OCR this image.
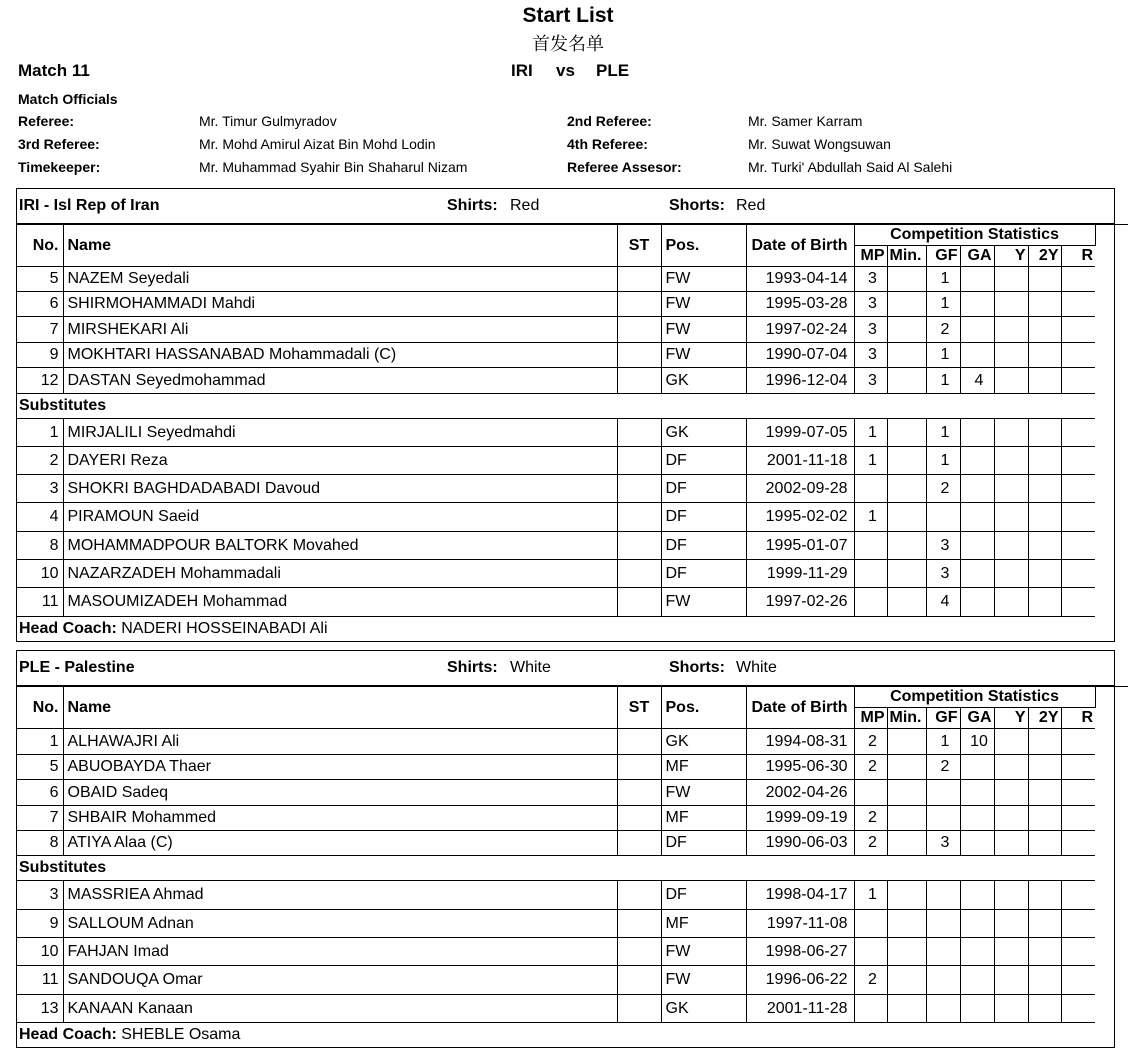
Start List
首发名单
Match 11	IRI vs PLE
Match Officials
Referee:	Mr. Timur Gulmyradov	2nd Referee:	Mr. Samer Karram
3rd Referee:	Mr. Mohd Amirul Aizat Bin Mohd Lodin	4th Referee:	Mr. Suwat Wongsuwan
Timekeeper:	Mr. Muhammad Syahir Bin Shaharul Nizam	Referee Assesor:	Mr. Turki' Abdullah Said Al Salehi
IRI - Isl Rep of Iran	Shirts: Red	Shorts: Red
No.	Name	ST	Pos.	Date of Birth	Competition Statistics							
					MP	Min.	GF	GA	Y	2Y	R	
5	NAZEM Seyedali		FW	1993-04-14	3		1					
6	SHIRMOHAMMADI Mahdi		FW	1995-03-28	3		1					
7	MIRSHEKARI Ali		FW	1997-02-24	3		2					
9	MOKHTARI HASSANABAD Mohammadali (C)		FW	1990-07-04	3		1					
12	DASTAN Seyedmohammad		GK	1996-12-04	3		1	4				
Substitutes												
1	MIRJALILI Seyedmahdi		GK	1999-07-05	1		1					
2	DAYERI Reza		DF	2001-11-18	1		1					
3	SHOKRI BAGHDADABADI Davoud		DF	2002-09-28			2					
4	PIRAMOUN Saeid		DF	1995-02-02	1							
8	MOHAMMADPOUR BALTORK Movahed		DF	1995-01-07			3					
10	NAZARZADEH Mohammadali		DF	1999-11-29			3					
11	MASOUMIZADEH Mohammad		FW	1997-02-26			4					
Head Coach: NADERI HOSSEINABADI Ali												
PLE - Palestine	Shirts: White	Shorts: White
No.	Name	ST	Pos.	Date of Birth	Competition Statistics							
					MP	Min.	GF	GA	Y	2Y	R	
1	ALHAWAJRI Ali		GK	1994-08-31	2		1	10				
5	ABUOBAYDA Thaer		MF	1995-06-30	2		2					
6	OBAID Sadeq		FW	2002-04-26								
7	SHBAIR Mohammed		MF	1999-09-19	2							
8	ATIYA Alaa (C)		DF	1990-06-03	2		3					
Substitutes												
3	MASSRIEA Ahmad		DF	1998-04-17	1							
9	SALLOUM Adnan		MF	1997-11-08								
10	FAHJAN Imad		FW	1998-06-27								
11	SANDOUQA Omar		FW	1996-06-22	2							
13	KANAAN Kanaan		GK	2001-11-28								
Head Coach: SHEBLE Osama												
